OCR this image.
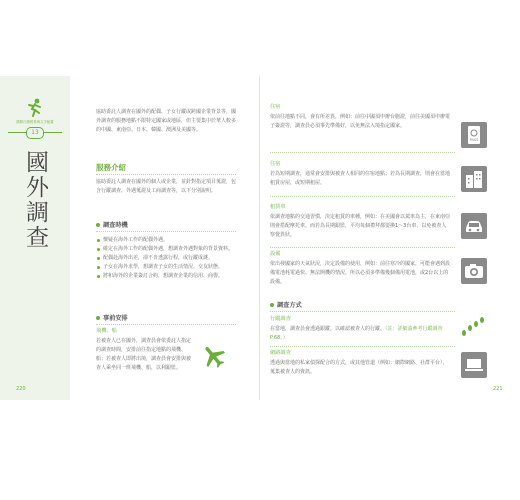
國際行銷貿易與文字秘書
13
國外調查
協助委託人調查在國外的配偶、子女行蹤或跨國企業背景等，國外調查的服務地點不限特定國家或地區，但主要集中於華人較多的中國、東南亞、日本、韓國、澳洲及美國等。
服務介紹
協助委託人調查在國外的個人或企業，並針對指定項目蒐證，包含行蹤調查、外遇蒐證及工商調查等，以下分別說明。
調查時機
懷疑在海外工作的配偶外遇。
確定在海外工作的配偶外遇，想調查外遇對象的背景資料。
配偶赴海外出差，卻不肯透露行程，或行蹤成謎。
子女在海外求學，想調查子女的生活情況、交友狀態。
將和海外的企業簽訂合約，想調查企業的信用、商譽。
事前安排
飛機、船
若被查人已在國外，調查員會依委託人指定的調查時間，安排前往指定地點的飛機、船；若被查人即將出境，調查員會安排與被查人乘坐同一班飛機、船，以利跟監。
220
住宿
依前往地點不同，會有所差異，例如：前往中國須申辦台胞證，前往美國須申辦電子簽證等，調查員必須事先準備好，以免無法入境指定國家。
PASS
住宿
若為短期調查，通常會安排與被查人相同的住宿地點；若為長期調查，則會在當地租賃房屋，或短期租屋。
租賃車
依調查地點的交通習慣，決定租賃的車種，例如：在美國會以駕車為主，在東南亞則會搭配摩托車。而若為長期跟監，平均每個禮拜都要換1～3台車，以免被查人察覺異狀。
設備
依出發國家的天氣狀況，決定設備的使用，例如：前往寒冷的國家，可能會遇到設備電池耗電過快、無法開機的情況，所以必須多準備幾個備用電池，或2台以上的設備。
調查方式
行蹤調查
在當地，調查員會透過跟蹤，以確認被查人的行蹤。（註：詳細請參考行蹤調查P.68。）
網路調查
透過與當地的私家偵探配合的方式，或其他管道（例如：網際網路、社群平台），蒐集被查人的資訊。
221
